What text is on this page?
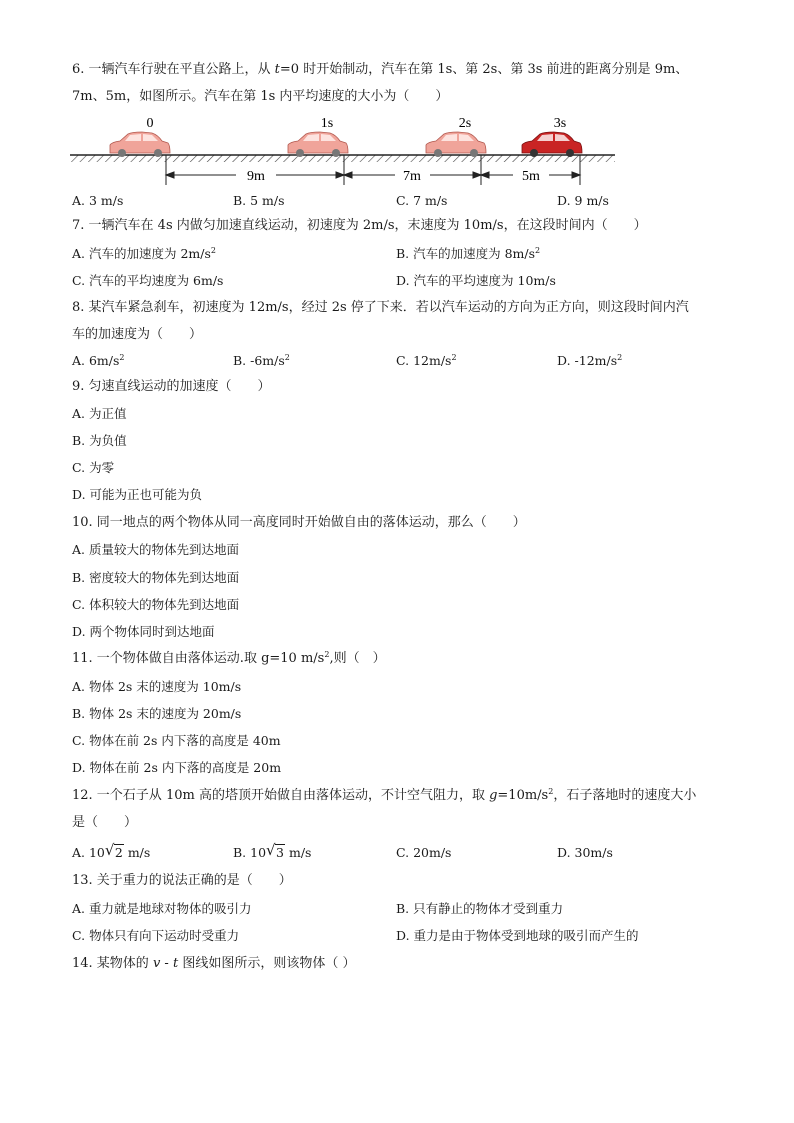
6. 一辆汽车行驶在平直公路上，从 t=0 时开始制动，汽车在第 1s、第 2s、第 3s 前进的距离分别是 9m、
7m、5m，如图所示。汽车在第 1s 内平均速度的大小为（　　）
0	1s	2s	3s
9m	7m	5m
A. 3 m/s	B. 5 m/s	C. 7 m/s	D. 9 m/s
7. 一辆汽车在 4s 内做匀加速直线运动，初速度为 2m/s，末速度为 10m/s，在这段时间内（　　）
A. 汽车的加速度为 $2m/s^2$	B. 汽车的加速度为 $8m/s^2$
C. 汽车的平均速度为 6m/s	D. 汽车的平均速度为 10m/s
8. 某汽车紧急刹车，初速度为 12m/s，经过 2s 停了下来．若以汽车运动的方向为正方向，则这段时间内汽
车的加速度为（　　）
A. $6m/s^2$	B. $-6m/s^2$	C. $12m/s^2$	D. $-12m/s^2$
9. 匀速直线运动的加速度（　　）
A. 为正值
B. 为负值
C. 为零
D. 可能为正也可能为负
10. 同一地点的两个物体从同一高度同时开始做自由的落体运动，那么（　　）
A. 质量较大的物体先到达地面
B. 密度较大的物体先到达地面
C. 体积较大的物体先到达地面
D. 两个物体同时到达地面
11. 一个物体做自由落体运动.取 g=10 $m/s^2$,则（　）
A. 物体 2s 末的速度为 10m/s
B. 物体 2s 末的速度为 20m/s
C. 物体在前 2s 内下落的高度是 40m
D. 物体在前 2s 内下落的高度是 20m
12. 一个石子从 10m 高的塔顶开始做自由落体运动，不计空气阻力，取 $g=10m/s^2$，石子落地时的速度大小
是（　　）
A. 10 √ 2 m/s	B. 10 √ 3 m/s	C. 20m/s	D. 30m/s
13. 关于重力的说法正确的是（　　）
A. 重力就是地球对物体的吸引力	B. 只有静止的物体才受到重力
C. 物体只有向下运动时受重力	D. 重力是由于物体受到地球的吸引而产生的
14. 某物体的 v - t 图线如图所示，则该物体（ ）
